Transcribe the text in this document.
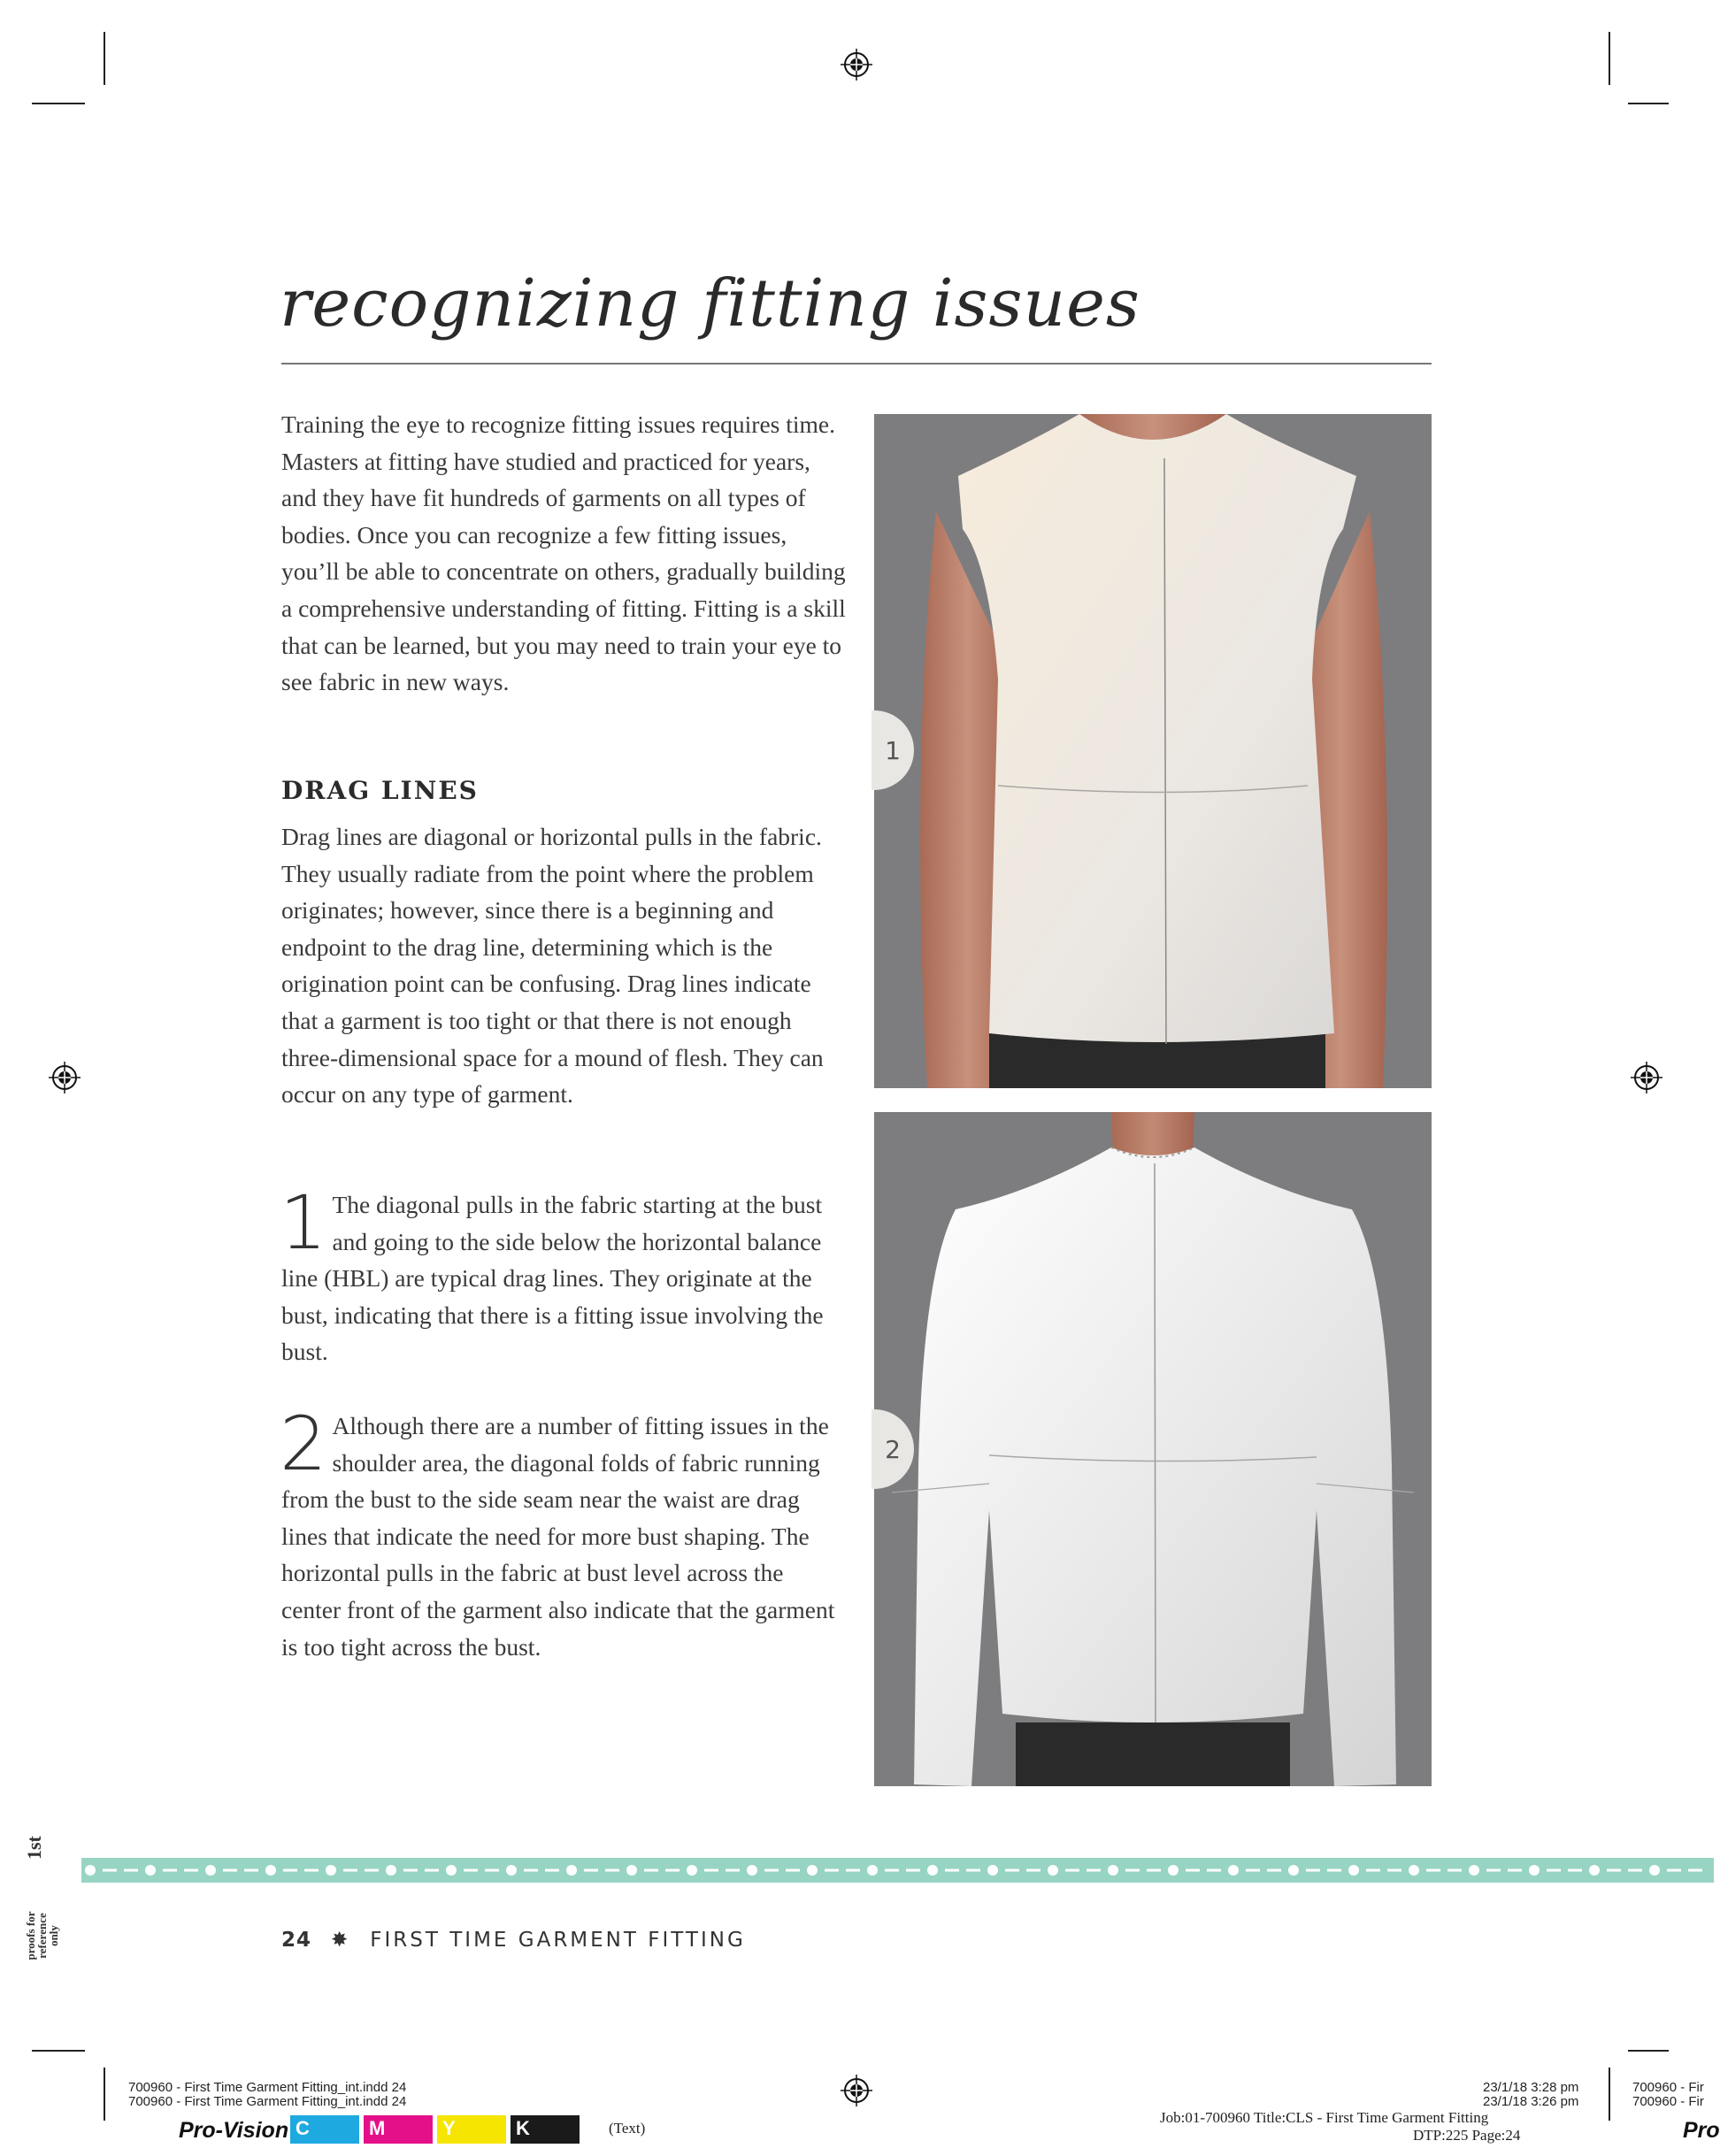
recognizing fitting issues

Training the eye to recognize fitting issues requires time. Masters at fitting have studied and practiced for years, and they have fit hundreds of garments on all types of bodies. Once you can recognize a few fitting issues, you’ll be able to concentrate on others, gradually building a comprehensive understanding of fitting. Fitting is a skill that can be learned, but you may need to train your eye to see fabric in new ways.

DRAG LINES

Drag lines are diagonal or horizontal pulls in the fabric. They usually radiate from the point where the problem originates; however, since there is a beginning and endpoint to the drag line, determining which is the origination point can be confusing. Drag lines indicate that a garment is too tight or that there is not enough three-dimensional space for a mound of flesh. They can occur on any type of garment.

1 The diagonal pulls in the fabric starting at the bust and going to the side below the horizontal balance line (HBL) are typical drag lines. They originate at the bust, indicating that there is a fitting issue involving the bust.

2 Although there are a number of fitting issues in the shoulder area, the diagonal folds of fabric running from the bust to the side seam near the waist are drag lines that indicate the need for more bust shaping. The horizontal pulls in the fabric at bust level across the center front of the garment also indicate that the garment is too tight across the bust.

1
2
1st
proofs for
reference
only	24 ✸ FIRST TIME GARMENT FITTING
700960 - First Time Garment Fitting_int.indd 24
700960 - First Time Garment Fitting_int.indd 24
Pro-Vision C	M	Y	K	(Text)
23/1/18 3:28 pm
23/1/18 3:26 pm
Job:01-700960 Title:CLS - First Time Garment Fitting
DTP:225 Page:24
700960 - Fir
700960 - Fir
Pro
